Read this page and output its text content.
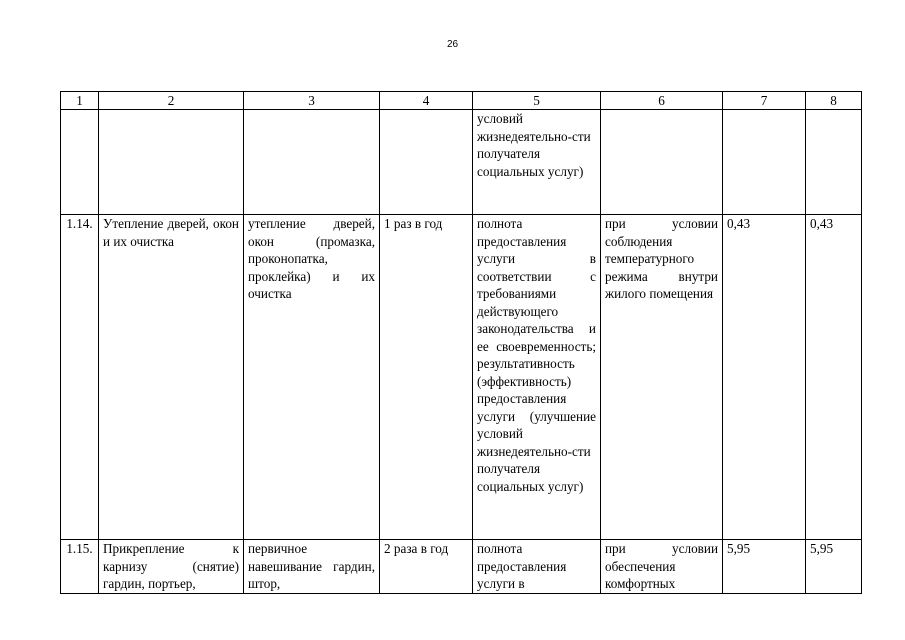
26
1	2	3	4	5	6	7	8
				условий жизнедеятельно-сти получателя социальных услуг)			
1.14.	Утепление дверей, окон и их очистка	утепление дверей, окон (промазка, проконопатка, проклейка) и их очистка	1 раз в год	полнота предоставления услуги в соответствии с требованиями действующего законодательства и ее своевременность; результативность (эффективность) предоставления услуги (улучшение условий жизнедеятельно-сти получателя социальных услуг)	при условии соблюдения температурного режима внутри жилого помещения	0,43	0,43
1.15.	Прикрепление к карнизу (снятие) гардин, портьер,	первичное навешивание гардин, штор,	2 раза в год	полнота предоставления услуги в	при условии обеспечения комфортных	5,95	5,95
